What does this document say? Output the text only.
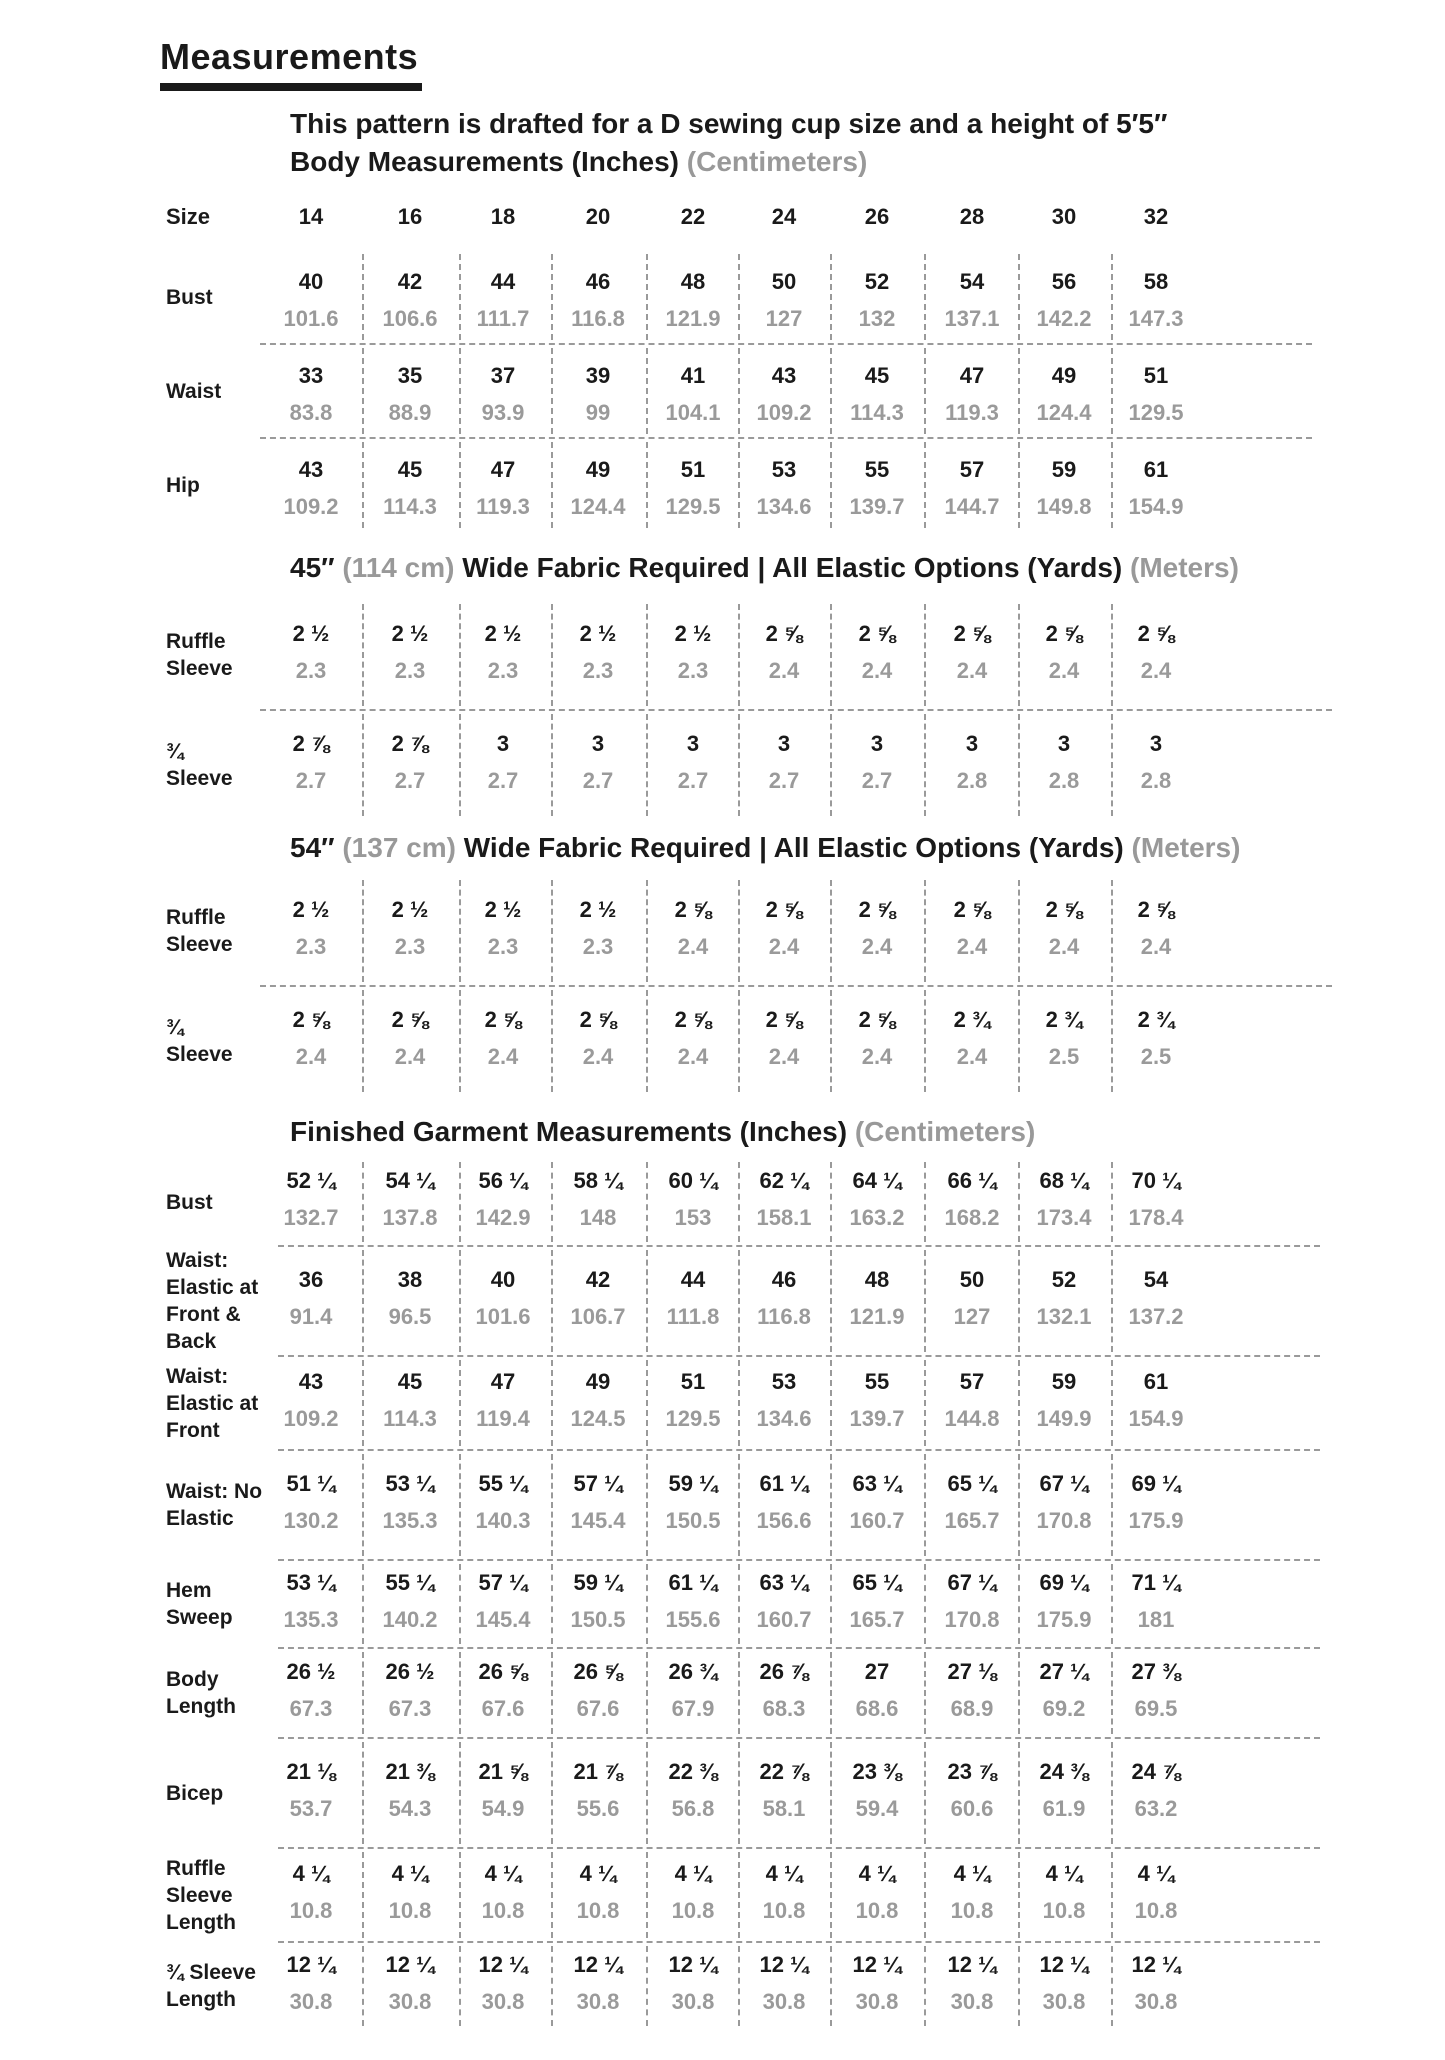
Measurements

This pattern is drafted for a D sewing cup size and a height of 5′5″

Body Measurements (Inches) (Centimeters)

Size	14	16	18	20	22	24	26	28	30	32
Bust
40	42	44	46	48	50	52	54	56	58
101.6	106.6	111.7	116.8	121.9	127	132	137.1	142.2	147.3
Waist
33	35	37	39	41	43	45	47	49	51
83.8	88.9	93.9	99	104.1	109.2	114.3	119.3	124.4	129.5
Hip
43	45	47	49	51	53	55	57	59	61
109.2	114.3	119.3	124.4	129.5	134.6	139.7	144.7	149.8	154.9

45″ (114 cm) Wide Fabric Required | All Elastic Options (Yards) (Meters)

Ruffle
Sleeve
2 ½	2 ½	2 ½	2 ½	2 ½	2 ⅝	2 ⅝	2 ⅝	2 ⅝	2 ⅝
2.3	2.3	2.3	2.3	2.3	2.4	2.4	2.4	2.4	2.4
¾
Sleeve
2 ⅞	2 ⅞	3	3	3	3	3	3	3	3
2.7	2.7	2.7	2.7	2.7	2.7	2.7	2.8	2.8	2.8

54″ (137 cm) Wide Fabric Required | All Elastic Options (Yards) (Meters)

Ruffle
Sleeve
2 ½	2 ½	2 ½	2 ½	2 ⅝	2 ⅝	2 ⅝	2 ⅝	2 ⅝	2 ⅝
2.3	2.3	2.3	2.3	2.4	2.4	2.4	2.4	2.4	2.4
¾
Sleeve
2 ⅝	2 ⅝	2 ⅝	2 ⅝	2 ⅝	2 ⅝	2 ⅝	2 ¾	2 ¾	2 ¾
2.4	2.4	2.4	2.4	2.4	2.4	2.4	2.4	2.5	2.5

Finished Garment Measurements (Inches) (Centimeters)

Bust
52 ¼	54 ¼	56 ¼	58 ¼	60 ¼	62 ¼	64 ¼	66 ¼	68 ¼	70 ¼
132.7	137.8	142.9	148	153	158.1	163.2	168.2	173.4	178.4
Waist:
Elastic at
Front &
Back
36	38	40	42	44	46	48	50	52	54
91.4	96.5	101.6	106.7	111.8	116.8	121.9	127	132.1	137.2
Waist:
Elastic at
Front
43	45	47	49	51	53	55	57	59	61
109.2	114.3	119.4	124.5	129.5	134.6	139.7	144.8	149.9	154.9
Waist: No
Elastic
51 ¼	53 ¼	55 ¼	57 ¼	59 ¼	61 ¼	63 ¼	65 ¼	67 ¼	69 ¼
130.2	135.3	140.3	145.4	150.5	156.6	160.7	165.7	170.8	175.9
Hem
Sweep
53 ¼	55 ¼	57 ¼	59 ¼	61 ¼	63 ¼	65 ¼	67 ¼	69 ¼	71 ¼
135.3	140.2	145.4	150.5	155.6	160.7	165.7	170.8	175.9	181
Body
Length
26 ½	26 ½	26 ⅝	26 ⅝	26 ¾	26 ⅞	27	27 ⅛	27 ¼	27 ⅜
67.3	67.3	67.6	67.6	67.9	68.3	68.6	68.9	69.2	69.5
Bicep
21 ⅛	21 ⅜	21 ⅝	21 ⅞	22 ⅜	22 ⅞	23 ⅜	23 ⅞	24 ⅜	24 ⅞
53.7	54.3	54.9	55.6	56.8	58.1	59.4	60.6	61.9	63.2
Ruffle
Sleeve
Length
4 ¼	4 ¼	4 ¼	4 ¼	4 ¼	4 ¼	4 ¼	4 ¼	4 ¼	4 ¼
10.8	10.8	10.8	10.8	10.8	10.8	10.8	10.8	10.8	10.8
¾ Sleeve
Length
12 ¼	12 ¼	12 ¼	12 ¼	12 ¼	12 ¼	12 ¼	12 ¼	12 ¼	12 ¼
30.8	30.8	30.8	30.8	30.8	30.8	30.8	30.8	30.8	30.8
